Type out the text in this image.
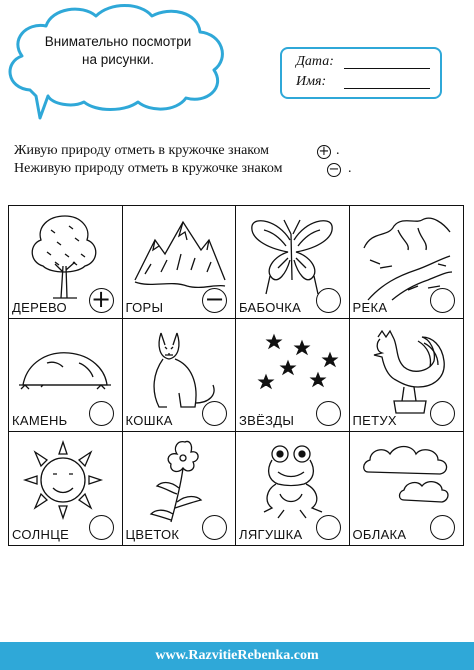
Внимательно посмотри
на рисунки.	Дата:
Имя:
Живую природу отметь в кружочке знаком	+ .
Неживую природу отметь в кружочке знаком	− .
ДЕРЕВО + ГОРЫ − БАБОЧКА	РЕКА
КАМЕНЬ	КОШКА	ЗВЁЗДЫ	ПЕТУХ
СОЛНЦЕ	ЦВЕТОК	ЛЯГУШКА	ОБЛАКА
www.RazvitieRebenka.com
